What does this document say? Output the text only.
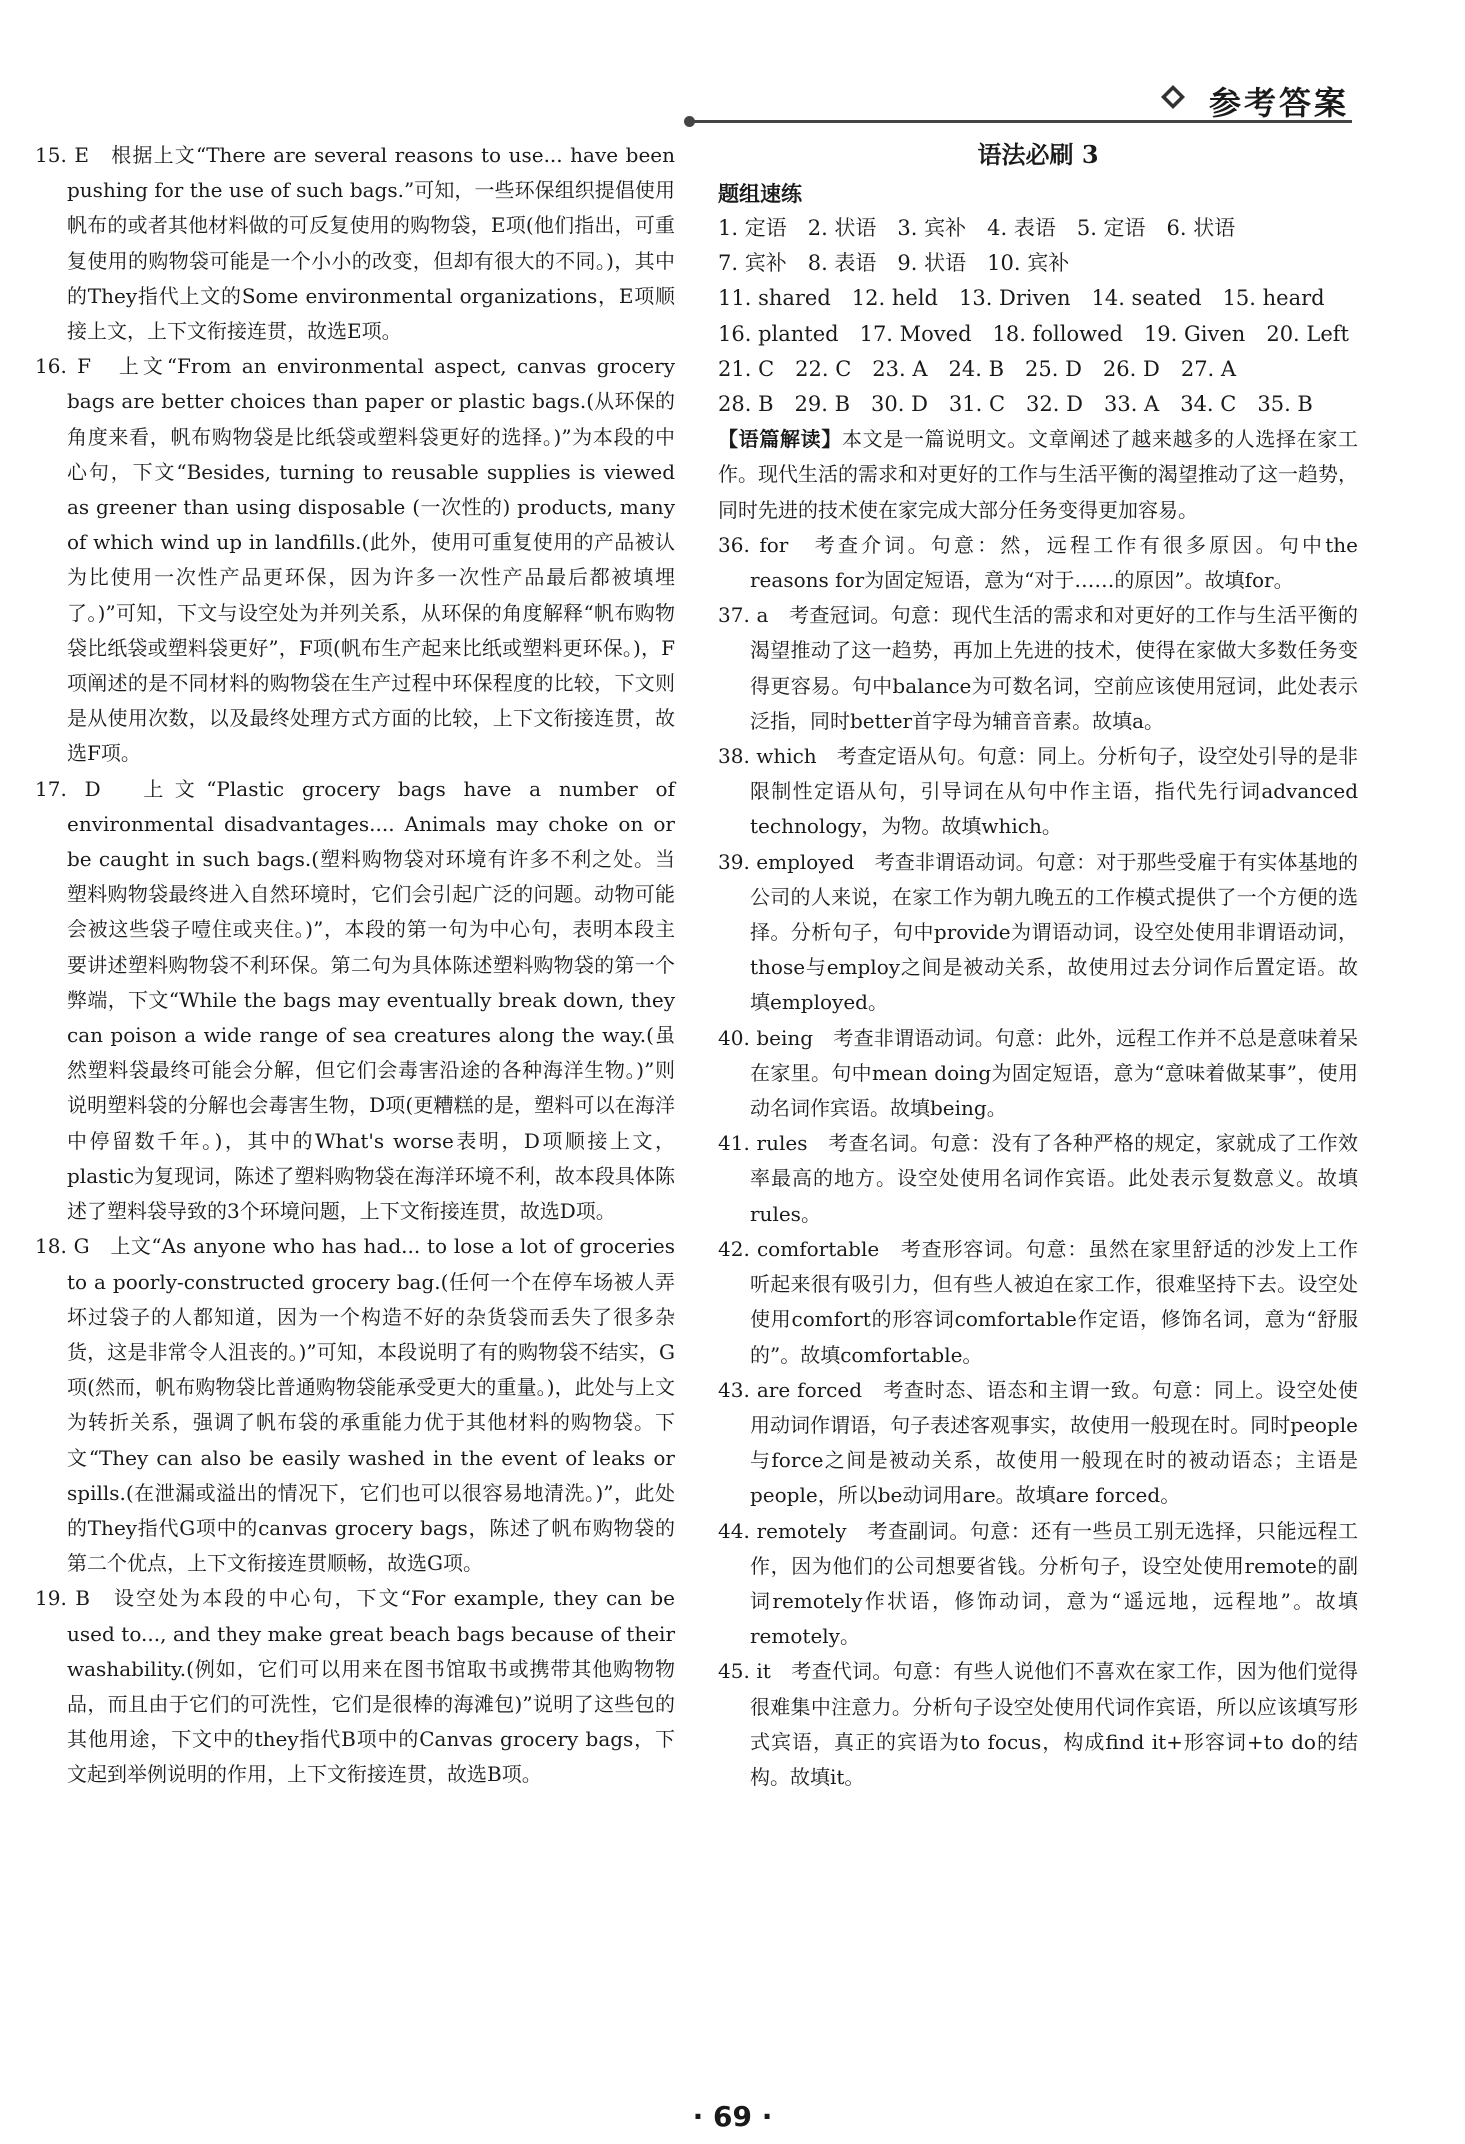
参考答案

15. E　根据上文“There are several reasons to use... have been pushing for the use of such bags.”可知，一些环保组织提倡使用帆布的或者其他材料做的可反复使用的购物袋，E项(他们指出，可重复使用的购物袋可能是一个小小的改变，但却有很大的不同。)，其中的They指代上文的Some environmental organizations，E项顺接上文，上下文衔接连贯，故选E项。

16. F　上文“From an environmental aspect, canvas grocery bags are better choices than paper or plastic bags.(从环保的角度来看，帆布购物袋是比纸袋或塑料袋更好的选择。)”为本段的中心句，下文“Besides, turning to reusable supplies is viewed as greener than using disposable (一次性的) products, many of which wind up in landfills.(此外，使用可重复使用的产品被认为比使用一次性产品更环保，因为许多一次性产品最后都被填埋了。)”可知，下文与设空处为并列关系，从环保的角度解释“帆布购物袋比纸袋或塑料袋更好”，F项(帆布生产起来比纸或塑料更环保。)，F项阐述的是不同材料的购物袋在生产过程中环保程度的比较，下文则是从使用次数，以及最终处理方式方面的比较，上下文衔接连贯，故选F项。

17. D　上文“Plastic grocery bags have a number of environmental disadvantages.... Animals may choke on or be caught in such bags.(塑料购物袋对环境有许多不利之处。当塑料购物袋最终进入自然环境时，它们会引起广泛的问题。动物可能会被这些袋子噎住或夹住。)”，本段的第一句为中心句，表明本段主要讲述塑料购物袋不利环保。第二句为具体陈述塑料购物袋的第一个弊端，下文“While the bags may eventually break down, they can poison a wide range of sea creatures along the way.(虽然塑料袋最终可能会分解，但它们会毒害沿途的各种海洋生物。)”则说明塑料袋的分解也会毒害生物，D项(更糟糕的是，塑料可以在海洋中停留数千年。)，其中的What's worse表明，D项顺接上文，plastic为复现词，陈述了塑料购物袋在海洋环境不利，故本段具体陈述了塑料袋导致的3个环境问题，上下文衔接连贯，故选D项。

18. G　上文“As anyone who has had... to lose a lot of groceries to a poorly-constructed grocery bag.(任何一个在停车场被人弄坏过袋子的人都知道，因为一个构造不好的杂货袋而丢失了很多杂货，这是非常令人沮丧的。)”可知，本段说明了有的购物袋不结实，G项(然而，帆布购物袋比普通购物袋能承受更大的重量。)，此处与上文为转折关系，强调了帆布袋的承重能力优于其他材料的购物袋。下文“They can also be easily washed in the event of leaks or spills.(在泄漏或溢出的情况下，它们也可以很容易地清洗。)”，此处的They指代G项中的canvas grocery bags，陈述了帆布购物袋的第二个优点，上下文衔接连贯顺畅，故选G项。

19. B　设空处为本段的中心句，下文“For example, they can be used to..., and they make great beach bags because of their washability.(例如，它们可以用来在图书馆取书或携带其他购物物品，而且由于它们的可洗性，它们是很棒的海滩包)”说明了这些包的其他用途，下文中的they指代B项中的Canvas grocery bags，下文起到举例说明的作用，上下文衔接连贯，故选B项。

语法必刷 3

题组速练

1. 定语　2. 状语　3. 宾补　4. 表语　5. 定语　6. 状语

7. 宾补　8. 表语　9. 状语　10. 宾补

11. shared　12. held　13. Driven　14. seated　15. heard

16. planted　17. Moved　18. followed　19. Given　20. Left

21. C　22. C　23. A　24. B　25. D　26. D　27. A

28. B　29. B　30. D　31. C　32. D　33. A　34. C　35. B

【语篇解读】本文是一篇说明文。文章阐述了越来越多的人选择在家工作。现代生活的需求和对更好的工作与生活平衡的渴望推动了这一趋势，同时先进的技术使在家完成大部分任务变得更加容易。

36. for　考查介词。句意：然，远程工作有很多原因。句中the reasons for为固定短语，意为“对于……的原因”。故填for。

37. a　考查冠词。句意：现代生活的需求和对更好的工作与生活平衡的渴望推动了这一趋势，再加上先进的技术，使得在家做大多数任务变得更容易。句中balance为可数名词，空前应该使用冠词，此处表示泛指，同时better首字母为辅音音素。故填a。

38. which　考查定语从句。句意：同上。分析句子，设空处引导的是非限制性定语从句，引导词在从句中作主语，指代先行词advanced technology，为物。故填which。

39. employed　考查非谓语动词。句意：对于那些受雇于有实体基地的公司的人来说，在家工作为朝九晚五的工作模式提供了一个方便的选择。分析句子，句中provide为谓语动词，设空处使用非谓语动词，those与employ之间是被动关系，故使用过去分词作后置定语。故填employed。

40. being　考查非谓语动词。句意：此外，远程工作并不总是意味着呆在家里。句中mean doing为固定短语，意为“意味着做某事”，使用动名词作宾语。故填being。

41. rules　考查名词。句意：没有了各种严格的规定，家就成了工作效率最高的地方。设空处使用名词作宾语。此处表示复数意义。故填rules。

42. comfortable　考查形容词。句意：虽然在家里舒适的沙发上工作听起来很有吸引力，但有些人被迫在家工作，很难坚持下去。设空处使用comfort的形容词comfortable作定语，修饰名词，意为“舒服的”。故填comfortable。

43. are forced　考查时态、语态和主谓一致。句意：同上。设空处使用动词作谓语，句子表述客观事实，故使用一般现在时。同时people与force之间是被动关系，故使用一般现在时的被动语态；主语是people，所以be动词用are。故填are forced。

44. remotely　考查副词。句意：还有一些员工别无选择，只能远程工作，因为他们的公司想要省钱。分析句子，设空处使用remote的副词remotely作状语，修饰动词，意为“遥远地，远程地”。故填remotely。

45. it　考查代词。句意：有些人说他们不喜欢在家工作，因为他们觉得很难集中注意力。分析句子设空处使用代词作宾语，所以应该填写形式宾语，真正的宾语为to focus，构成find it+形容词+to do的结构。故填it。

· 69 ·
